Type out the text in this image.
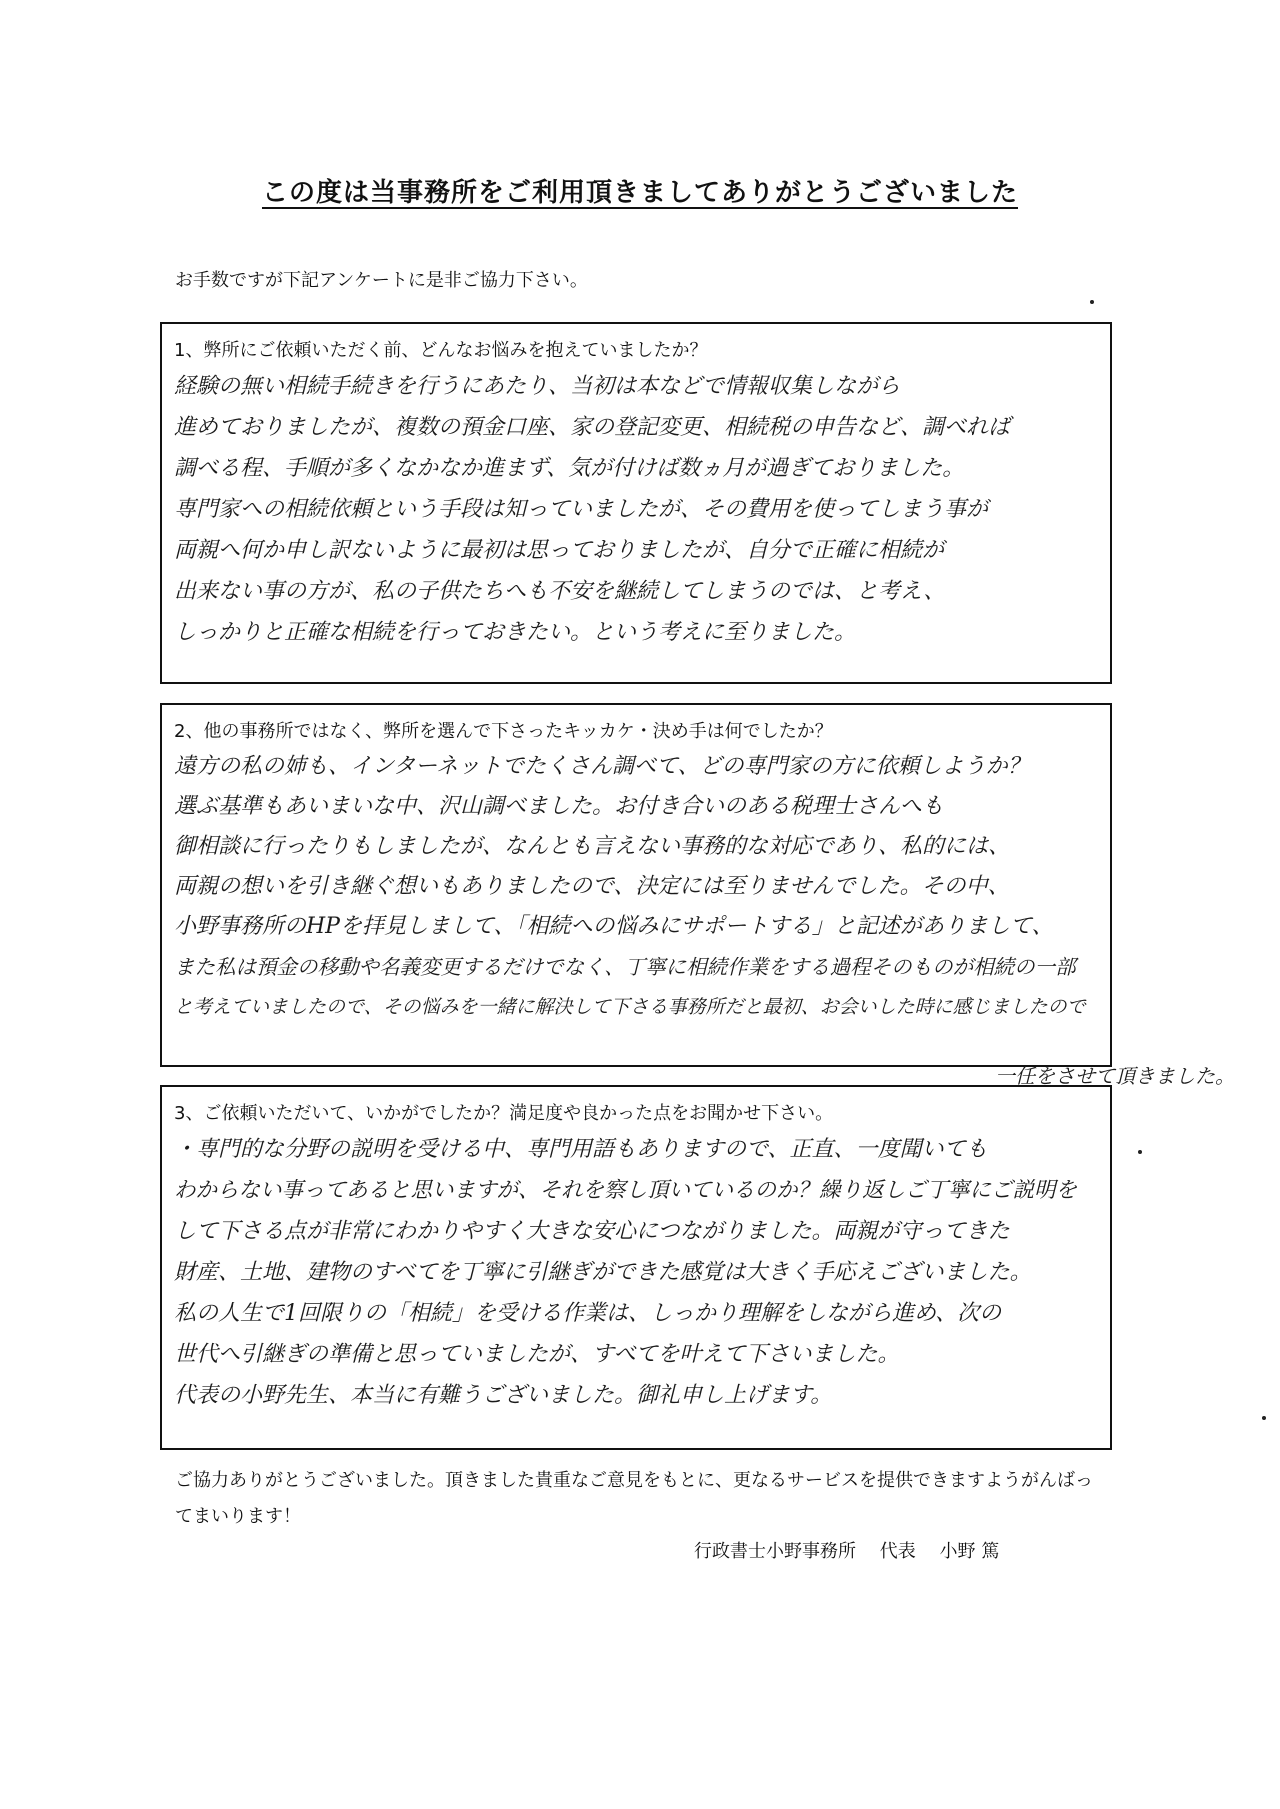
この度は当事務所をご利用頂きましてありがとうございました
お手数ですが下記アンケートに是非ご協力下さい。
1、弊所にご依頼いただく前、どんなお悩みを抱えていましたか？
経験の無い相続手続きを行うにあたり、当初は本などで情報収集しながら
進めておりましたが、複数の預金口座、家の登記変更、相続税の申告など、調べれば
調べる程、手順が多くなかなか進まず、気が付けば数ヵ月が過ぎておりました。
専門家への相続依頼という手段は知っていましたが、その費用を使ってしまう事が
両親へ何か申し訳ないように最初は思っておりましたが、自分で正確に相続が
出来ない事の方が、私の子供たちへも不安を継続してしまうのでは、と考え、
しっかりと正確な相続を行っておきたい。という考えに至りました。
2、他の事務所ではなく、弊所を選んで下さったキッカケ・決め手は何でしたか？
遠方の私の姉も、インターネットでたくさん調べて、どの専門家の方に依頼しようか？
選ぶ基準もあいまいな中、沢山調べました。お付き合いのある税理士さんへも
御相談に行ったりもしましたが、なんとも言えない事務的な対応であり、私的には、
両親の想いを引き継ぐ想いもありましたので、決定には至りませんでした。その中、
小野事務所のHPを拝見しまして、「相続への悩みにサポートする」と記述がありまして、
また私は預金の移動や名義変更するだけでなく、丁寧に相続作業をする過程そのものが相続の一部
と考えていましたので、その悩みを一緒に解決して下さる事務所だと最初、お会いした時に感じましたので
一任をさせて頂きました。
3、ご依頼いただいて、いかがでしたか？満足度や良かった点をお聞かせ下さい。
・専門的な分野の説明を受ける中、専門用語もありますので、正直、一度聞いても
わからない事ってあると思いますが、それを察し頂いているのか？繰り返しご丁寧にご説明を
して下さる点が非常にわかりやすく大きな安心につながりました。両親が守ってきた
財産、土地、建物のすべてを丁寧に引継ぎができた感覚は大きく手応えございました。
私の人生で1回限りの「相続」を受ける作業は、しっかり理解をしながら進め、次の
世代へ引継ぎの準備と思っていましたが、すべてを叶えて下さいました。
代表の小野先生、本当に有難うございました。御礼申し上げます。
ご協力ありがとうございました。頂きました貴重なご意見をもとに、更なるサービスを提供できますようがんばってまいります！
行政書士小野事務所 代表 小野 篤
